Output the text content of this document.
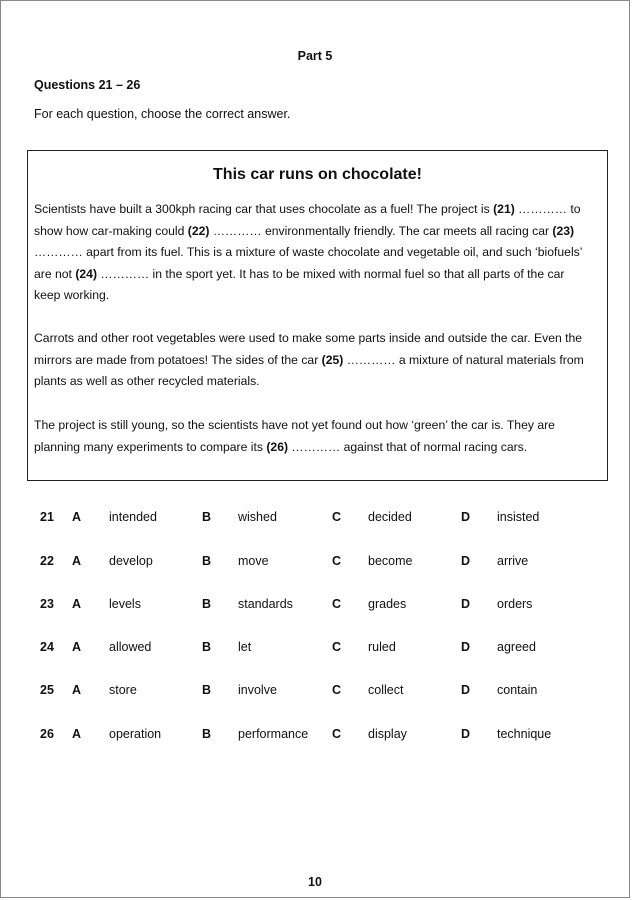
Part 5
Questions 21 – 26
For each question, choose the correct answer.
This car runs on chocolate!
Scientists have built a 300kph racing car that uses chocolate as a fuel! The project is (21) ………… to show how car-making could (22) ………… environmentally friendly. The car meets all racing car (23) ………… apart from its fuel. This is a mixture of waste chocolate and vegetable oil, and such ‘biofuels’ are not (24) ………… in the sport yet. It has to be mixed with normal fuel so that all parts of the car keep working.
Carrots and other root vegetables were used to make some parts inside and outside the car. Even the mirrors are made from potatoes! The sides of the car (25) ………… a mixture of natural materials from plants as well as other recycled materials.
The project is still young, so the scientists have not yet found out how ‘green’ the car is. They are planning many experiments to compare its (26) ………… against that of normal racing cars.
21 A intended	B wished	C decided	D insisted
22 A develop	B move	C become	D arrive
23 A levels	B standards	C grades	D orders
24 A allowed	B let	C ruled	D agreed
25 A store	B involve	C collect	D contain
26 A operation	B performance C display	D technique
10
